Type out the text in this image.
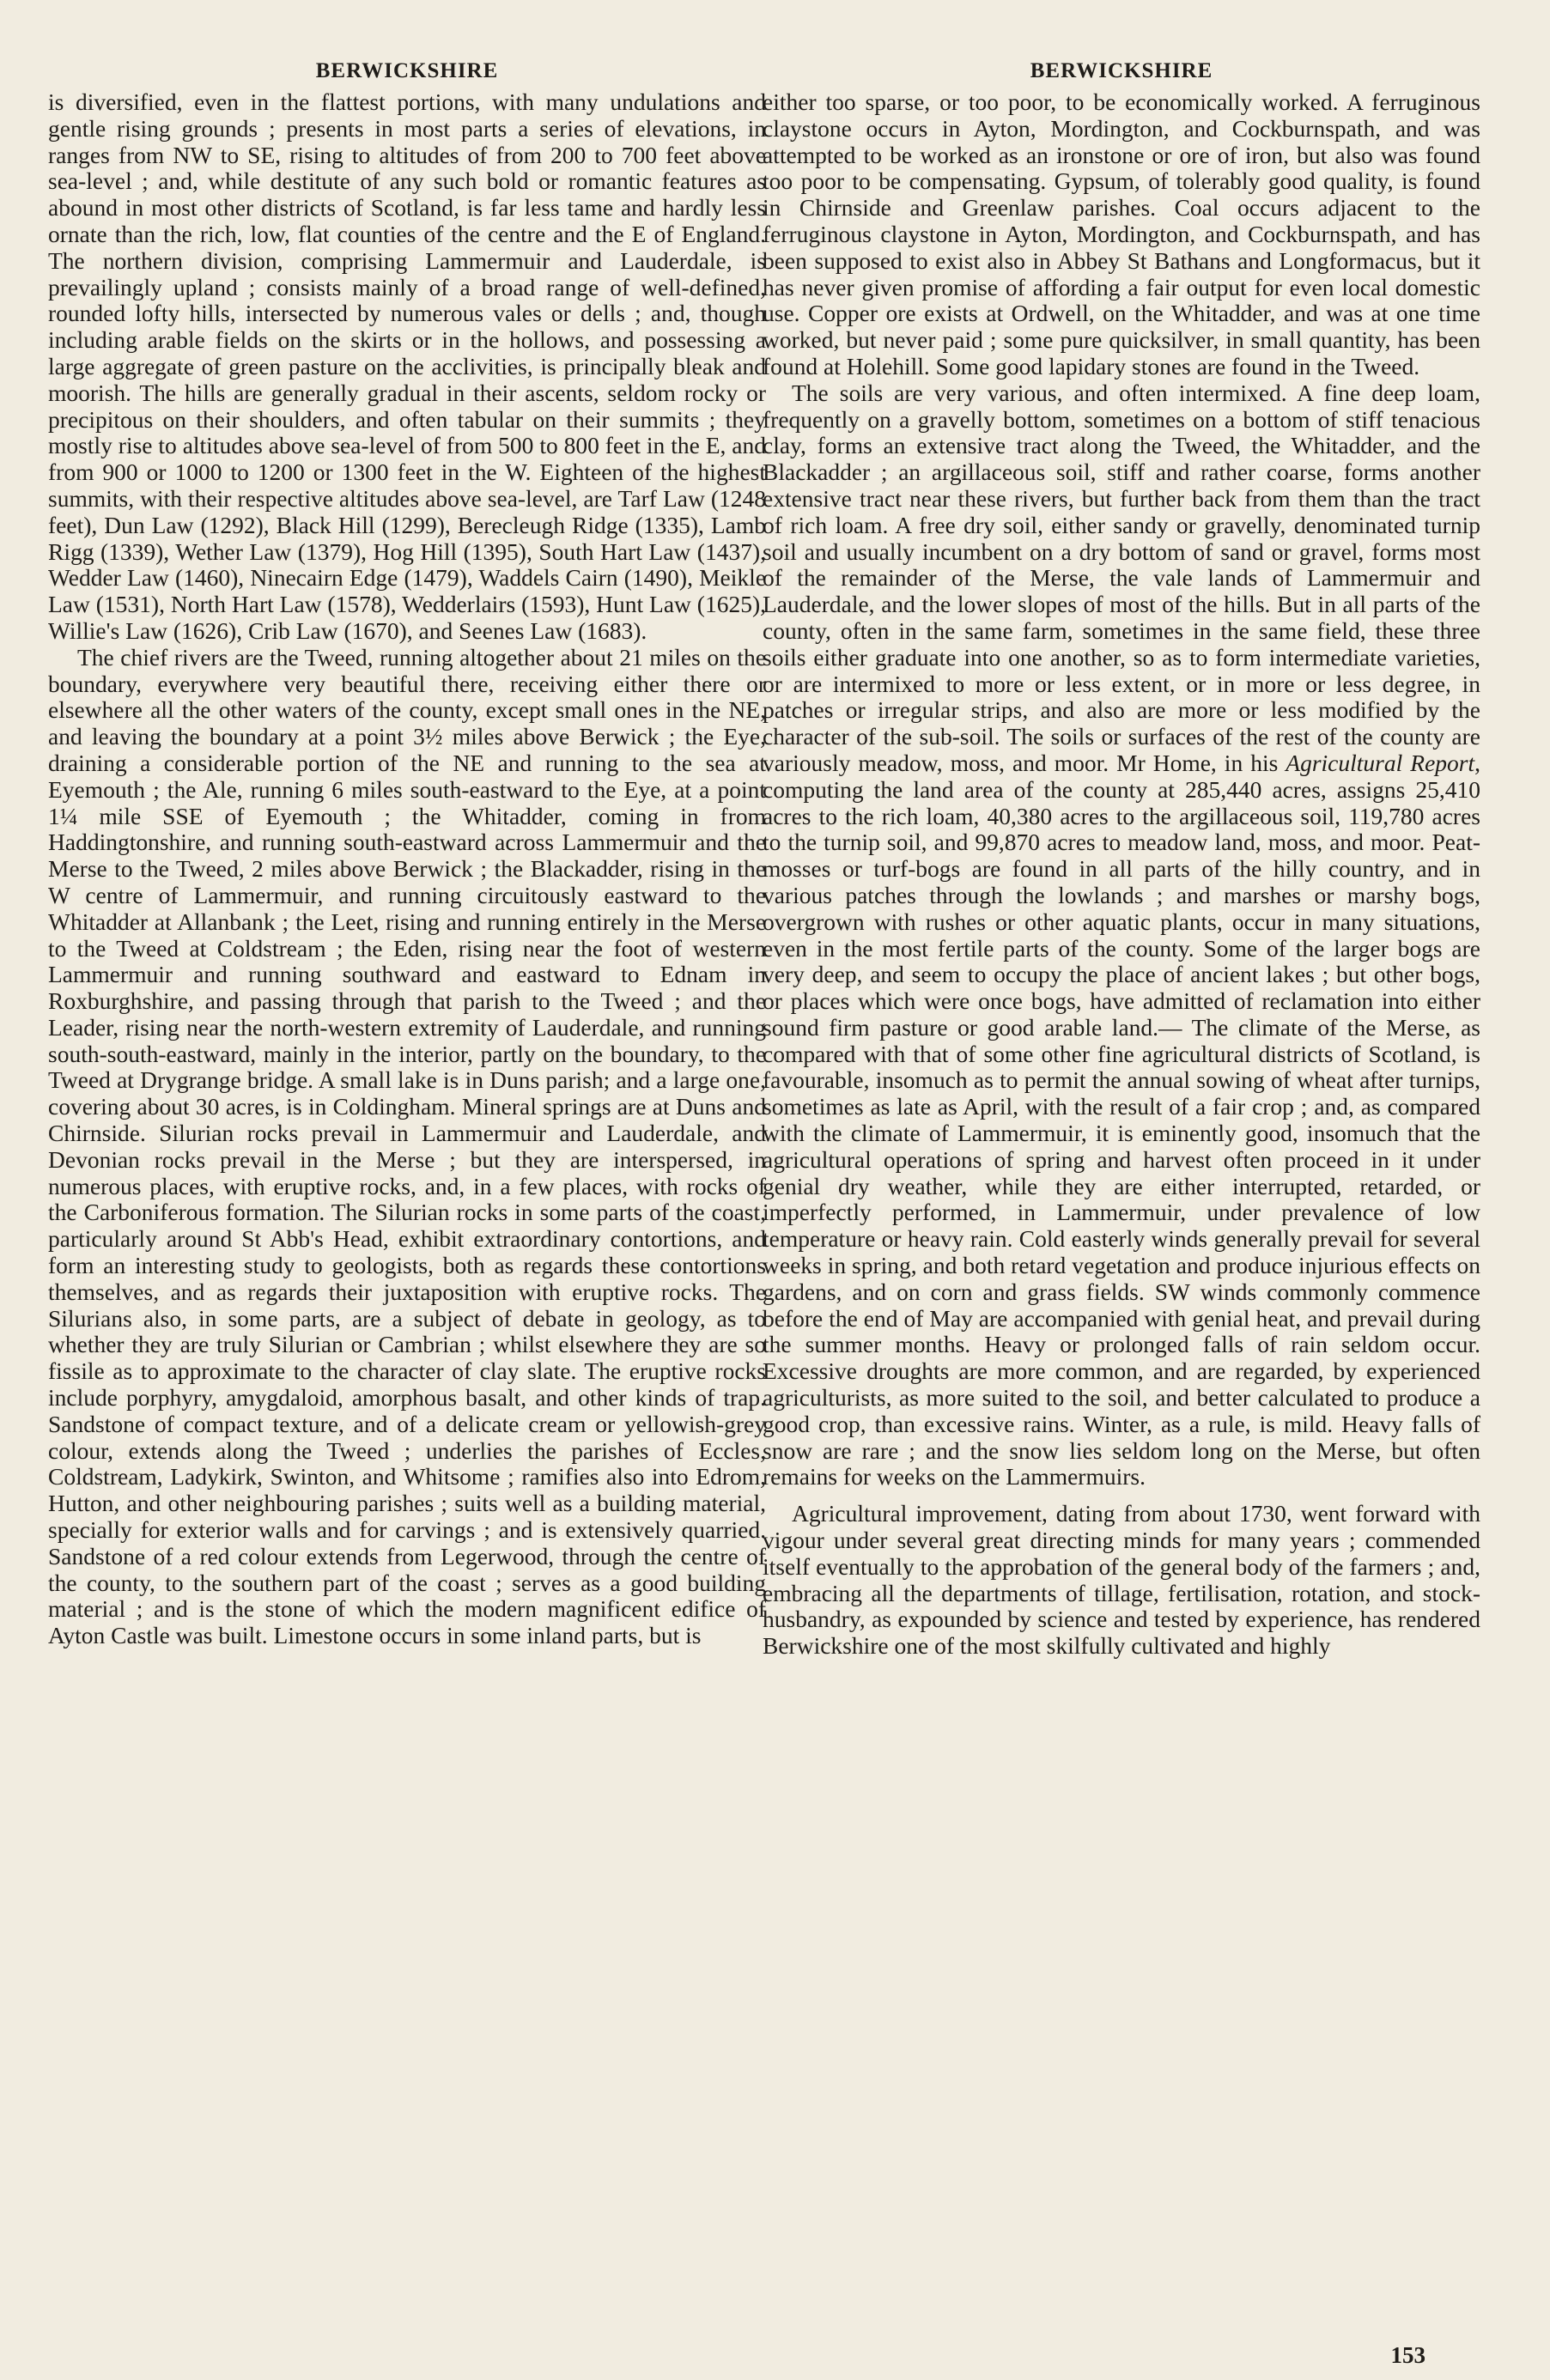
BERWICKSHIRE

is diversified, even in the flattest portions, with many undulations and gentle rising grounds ; presents in most parts a series of elevations, in ranges from NW to SE, rising to altitudes of from 200 to 700 feet above sea-level ; and, while destitute of any such bold or romantic features as abound in most other districts of Scotland, is far less tame and hardly less ornate than the rich, low, flat counties of the centre and the E of England. The northern division, comprising Lammermuir and Lauderdale, is prevailingly upland ; consists mainly of a broad range of well-defined, rounded lofty hills, intersected by numerous vales or dells ; and, though including arable fields on the skirts or in the hollows, and possessing a large aggregate of green pasture on the acclivities, is principally bleak and moorish. The hills are generally gradual in their ascents, seldom rocky or precipitous on their shoulders, and often tabular on their summits ; they mostly rise to altitudes above sea-level of from 500 to 800 feet in the E, and from 900 or 1000 to 1200 or 1300 feet in the W. Eighteen of the highest summits, with their respective altitudes above sea-level, are Tarf Law (1248 feet), Dun Law (1292), Black Hill (1299), Berecleugh Ridge (1335), Lamb Rigg (1339), Wether Law (1379), Hog Hill (1395), South Hart Law (1437), Wedder Law (1460), Ninecairn Edge (1479), Waddels Cairn (1490), Meikle Law (1531), North Hart Law (1578), Wedderlairs (1593), Hunt Law (1625), Willie's Law (1626), Crib Law (1670), and Seenes Law (1683).

The chief rivers are the Tweed, running altogether about 21 miles on the boundary, everywhere very beautiful there, receiving either there or elsewhere all the other waters of the county, except small ones in the NE, and leaving the boundary at a point 3½ miles above Berwick ; the Eye, draining a considerable portion of the NE and running to the sea at Eyemouth ; the Ale, running 6 miles south-eastward to the Eye, at a point 1¼ mile SSE of Eyemouth ; the Whitadder, coming in from Haddingtonshire, and running south-eastward across Lammermuir and the Merse to the Tweed, 2 miles above Berwick ; the Blackadder, rising in the W centre of Lammermuir, and running circuitously eastward to the Whitadder at Allanbank ; the Leet, rising and running entirely in the Merse to the Tweed at Coldstream ; the Eden, rising near the foot of western Lammermuir and running southward and eastward to Ednam in Roxburghshire, and passing through that parish to the Tweed ; and the Leader, rising near the north-western extremity of Lauderdale, and running south-south-eastward, mainly in the interior, partly on the boundary, to the Tweed at Drygrange bridge. A small lake is in Duns parish; and a large one, covering about 30 acres, is in Coldingham. Mineral springs are at Duns and Chirnside. Silurian rocks prevail in Lammermuir and Lauderdale, and Devonian rocks prevail in the Merse ; but they are interspersed, in numerous places, with eruptive rocks, and, in a few places, with rocks of the Carboniferous formation. The Silurian rocks in some parts of the coast, particularly around St Abb's Head, exhibit extraordinary contortions, and form an interesting study to geologists, both as regards these contortions themselves, and as regards their juxtaposition with eruptive rocks. The Silurians also, in some parts, are a subject of debate in geology, as to whether they are truly Silurian or Cambrian ; whilst elsewhere they are so fissile as to approximate to the character of clay slate. The eruptive rocks include porphyry, amygdaloid, amorphous basalt, and other kinds of trap. Sandstone of compact texture, and of a delicate cream or yellowish-grey colour, extends along the Tweed ; underlies the parishes of Eccles, Coldstream, Ladykirk, Swinton, and Whitsome ; ramifies also into Edrom, Hutton, and other neighbouring parishes ; suits well as a building material, specially for exterior walls and for carvings ; and is extensively quarried. Sandstone of a red colour extends from Legerwood, through the centre of the county, to the southern part of the coast ; serves as a good building material ; and is the stone of which the modern magnificent edifice of Ayton Castle was built. Limestone occurs in some inland parts, but is

BERWICKSHIRE

either too sparse, or too poor, to be economically worked. A ferruginous claystone occurs in Ayton, Mordington, and Cockburnspath, and was attempted to be worked as an ironstone or ore of iron, but also was found too poor to be compensating. Gypsum, of tolerably good quality, is found in Chirnside and Greenlaw parishes. Coal occurs adjacent to the ferruginous claystone in Ayton, Mordington, and Cockburnspath, and has been supposed to exist also in Abbey St Bathans and Longformacus, but it has never given promise of affording a fair output for even local domestic use. Copper ore exists at Ordwell, on the Whitadder, and was at one time worked, but never paid ; some pure quicksilver, in small quantity, has been found at Holehill. Some good lapidary stones are found in the Tweed.

The soils are very various, and often intermixed. A fine deep loam, frequently on a gravelly bottom, sometimes on a bottom of stiff tenacious clay, forms an extensive tract along the Tweed, the Whitadder, and the Blackadder ; an argillaceous soil, stiff and rather coarse, forms another extensive tract near these rivers, but further back from them than the tract of rich loam. A free dry soil, either sandy or gravelly, denominated turnip soil and usually incumbent on a dry bottom of sand or gravel, forms most of the remainder of the Merse, the vale lands of Lammermuir and Lauderdale, and the lower slopes of most of the hills. But in all parts of the county, often in the same farm, sometimes in the same field, these three soils either graduate into one another, so as to form intermediate varieties, or are intermixed to more or less extent, or in more or less degree, in patches or irregular strips, and also are more or less modified by the character of the sub-soil. The soils or surfaces of the rest of the county are variously meadow, moss, and moor. Mr Home, in his Agricultural Report, computing the land area of the county at 285,440 acres, assigns 25,410 acres to the rich loam, 40,380 acres to the argillaceous soil, 119,780 acres to the turnip soil, and 99,870 acres to meadow land, moss, and moor. Peat-mosses or turf-bogs are found in all parts of the hilly country, and in various patches through the lowlands ; and marshes or marshy bogs, overgrown with rushes or other aquatic plants, occur in many situations, even in the most fertile parts of the county. Some of the larger bogs are very deep, and seem to occupy the place of ancient lakes ; but other bogs, or places which were once bogs, have admitted of reclamation into either sound firm pasture or good arable land.— The climate of the Merse, as compared with that of some other fine agricultural districts of Scotland, is favourable, insomuch as to permit the annual sowing of wheat after turnips, sometimes as late as April, with the result of a fair crop ; and, as compared with the climate of Lammermuir, it is eminently good, insomuch that the agricultural operations of spring and harvest often proceed in it under genial dry weather, while they are either interrupted, retarded, or imperfectly performed, in Lammermuir, under prevalence of low temperature or heavy rain. Cold easterly winds generally prevail for several weeks in spring, and both retard vegetation and produce injurious effects on gardens, and on corn and grass fields. SW winds commonly commence before the end of May are accompanied with genial heat, and prevail during the summer months. Heavy or prolonged falls of rain seldom occur. Excessive droughts are more common, and are regarded, by experienced agriculturists, as more suited to the soil, and better calculated to produce a good crop, than excessive rains. Winter, as a rule, is mild. Heavy falls of snow are rare ; and the snow lies seldom long on the Merse, but often remains for weeks on the Lammermuirs.

Agricultural improvement, dating from about 1730, went forward with vigour under several great directing minds for many years ; commended itself eventually to the approbation of the general body of the farmers ; and, embracing all the departments of tillage, fertilisation, rotation, and stock-husbandry, as expounded by science and tested by experience, has rendered Berwickshire one of the most skilfully cultivated and highly

153
